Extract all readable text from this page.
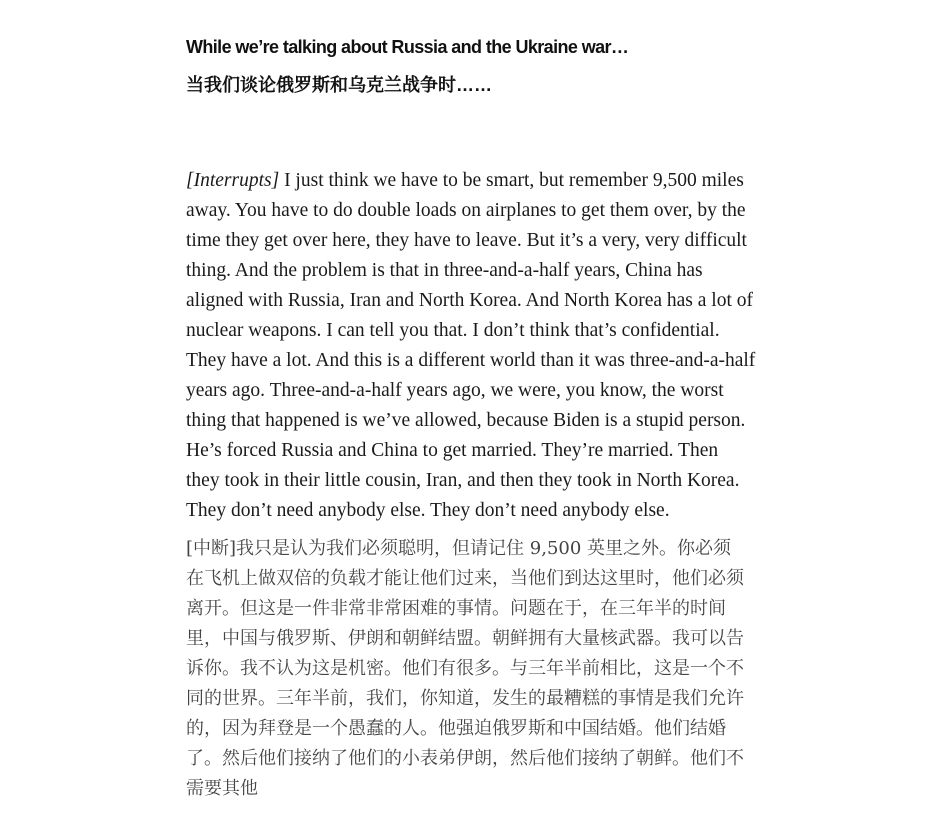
While we’re talking about Russia and the Ukraine war…
当我们谈论俄罗斯和乌克兰战争时……

[Interrupts] I just think we have to be smart, but remember 9,500 miles away. You have to do double loads on airplanes to get them over, by the time they get over here, they have to leave. But it’s a very, very difficult thing. And the problem is that in three-and-a-half years, China has aligned with Russia, Iran and North Korea. And North Korea has a lot of nuclear weapons. I can tell you that. I don’t think that’s confidential. They have a lot. And this is a different world than it was three-and-a-half years ago. Three-and-a-half years ago, we were, you know, the worst thing that happened is we’ve allowed, because Biden is a stupid person. He’s forced Russia and China to get married. They’re married. Then they took in their little cousin, Iran, and then they took in North Korea. They don’t need anybody else. They don’t need anybody else.

[中断]我只是认为我们必须聪明，但请记住 9,500 英里之外。你必须在飞机上做双倍的负载才能让他们过来，当他们到达这里时，他们必须离开。但这是一件非常非常困难的事情。问题在于，在三年半的时间里，中国与俄罗斯、伊朗和朝鲜结盟。朝鲜拥有大量核武器。我可以告诉你。我不认为这是机密。他们有很多。与三年半前相比，这是一个不同的世界。三年半前，我们，你知道，发生的最糟糕的事情是我们允许的，因为拜登是一个愚蠢的人。他强迫俄罗斯和中国结婚。他们结婚了。然后他们接纳了他们的小表弟伊朗，然后他们接纳了朝鲜。他们不需要其他
